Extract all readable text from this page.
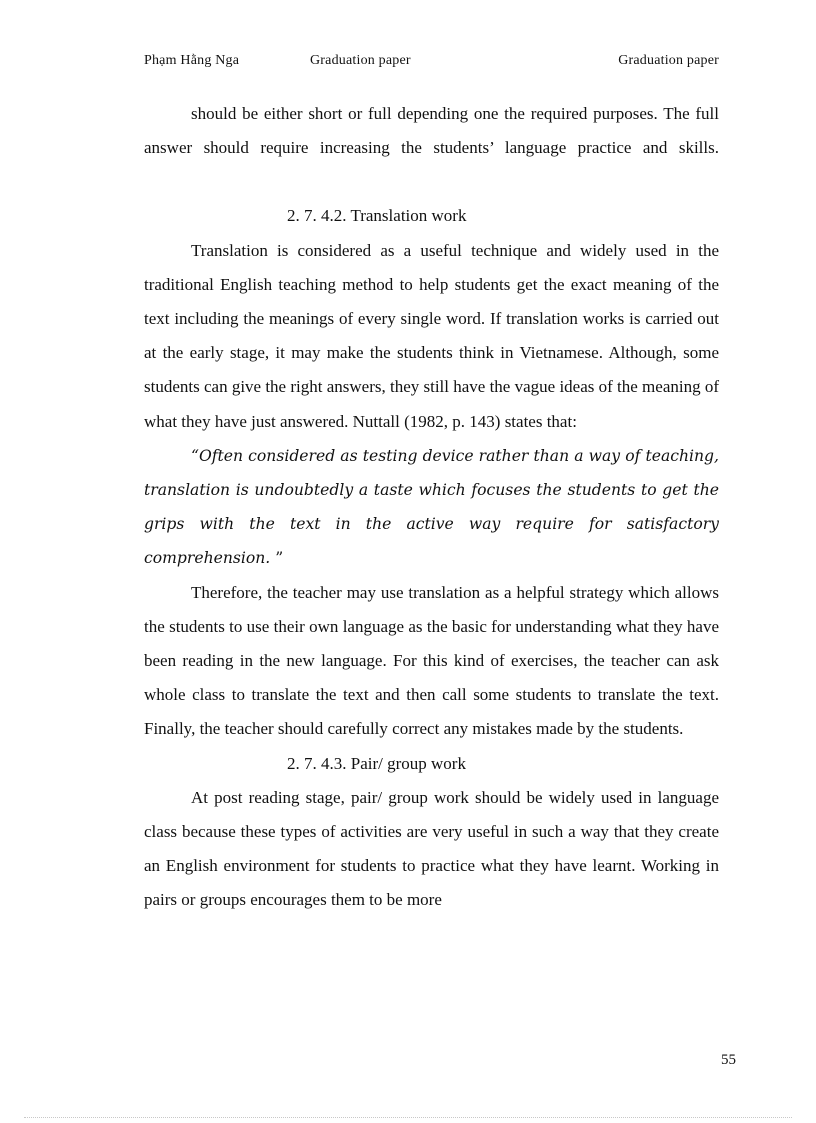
Phạm Hằng Nga	Graduation paper	Graduation paper

should be either short or full depending one the required purposes. The full answer should require increasing the students’ language practice and skills.

2. 7. 4.2. Translation work

Translation is considered as a useful technique and widely used in the traditional English teaching method to help students get the exact meaning of the text including the meanings of every single word. If translation works is carried out at the early stage, it may make the students think in Vietnamese. Although, some students can give the right answers, they still have the vague ideas of the meaning of what they have just answered. Nuttall (1982, p. 143) states that:

“Often considered as testing device rather than a way of teaching, translation is undoubtedly a taste which focuses the students to get the grips with the text in the active way require for satisfactory comprehension. ”

Therefore, the teacher may use translation as a helpful strategy which allows the students to use their own language as the basic for understanding what they have been reading in the new language. For this kind of exercises, the teacher can ask whole class to translate the text and then call some students to translate the text. Finally, the teacher should carefully correct any mistakes made by the students.

2. 7. 4.3. Pair/ group work

At post reading stage, pair/ group work should be widely used in language class because these types of activities are very useful in such a way that they create an English environment for students to practice what they have learnt. Working in pairs or groups encourages them to be more

55
